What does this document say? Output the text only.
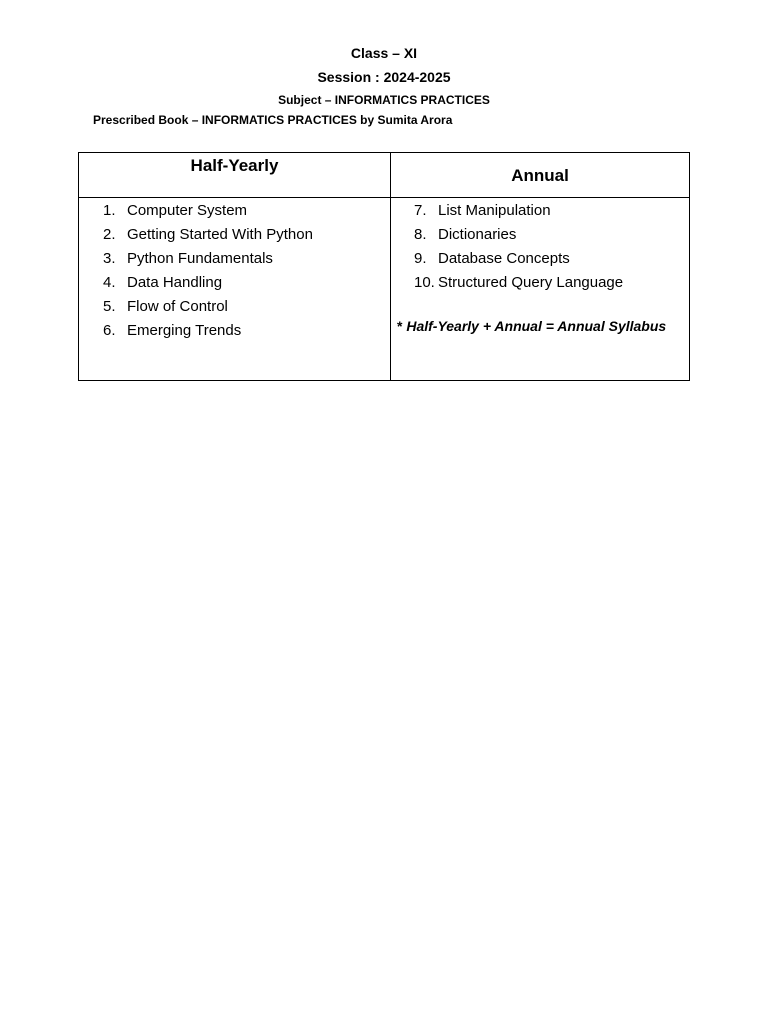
Class – XI
Session : 2024-2025
Subject – INFORMATICS PRACTICES
Prescribed Book – INFORMATICS PRACTICES by Sumita Arora
Half-Yearly
Annual
1. Computer System
2. Getting Started With Python
3. Python Fundamentals
4. Data Handling
5. Flow of Control
6. Emerging Trends
7. List Manipulation
8. Dictionaries
9. Database Concepts
10. Structured Query Language
* Half-Yearly + Annual = Annual Syllabus
